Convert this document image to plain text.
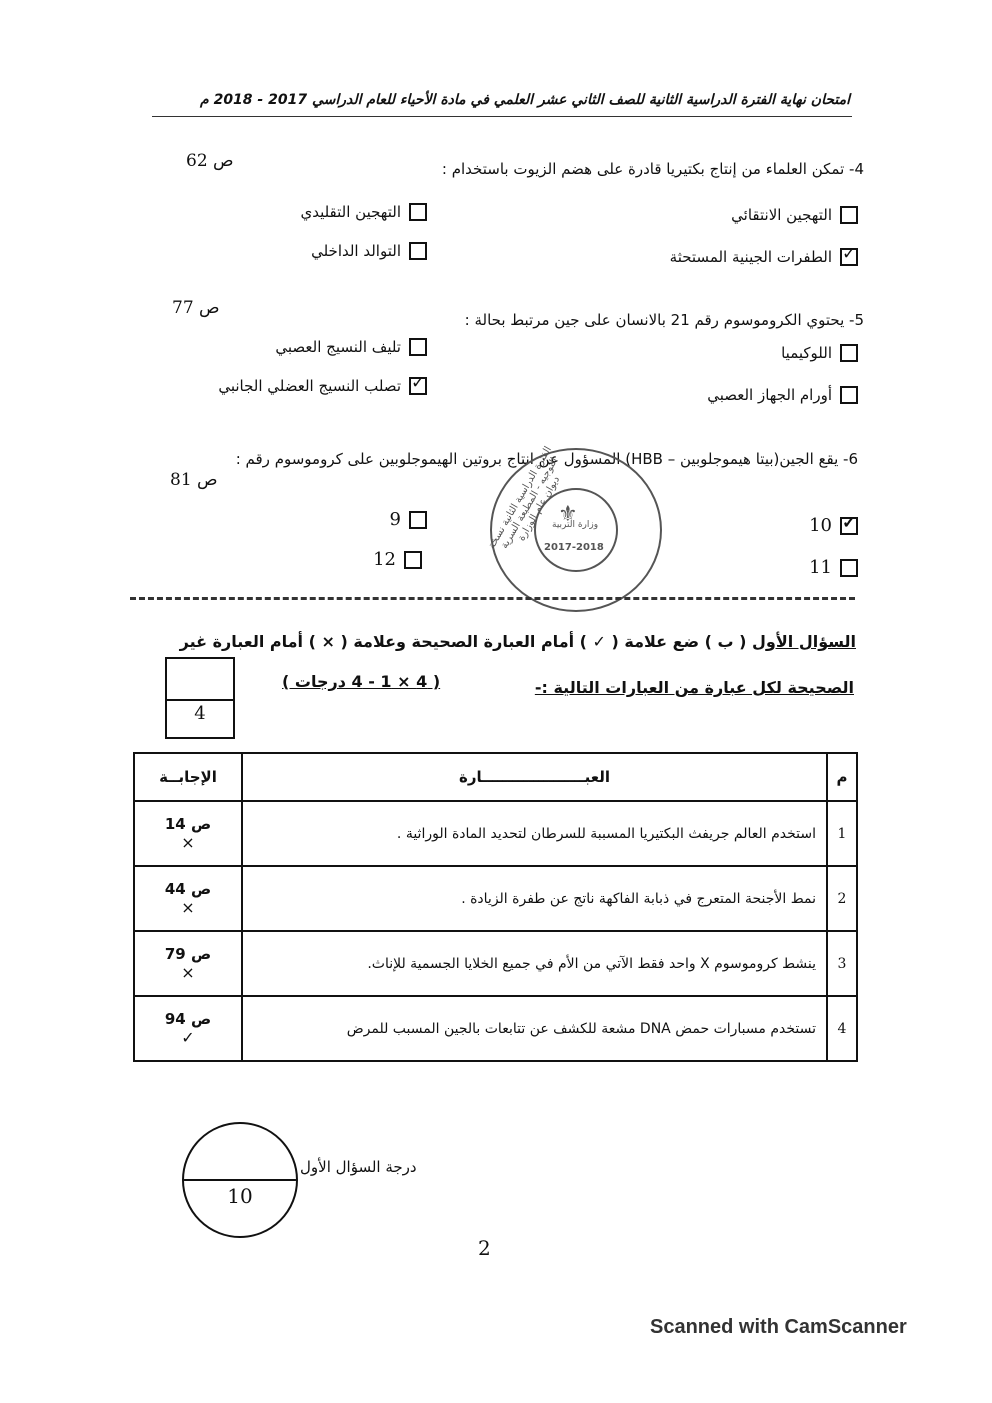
امتحان نهاية الفترة الدراسية الثانية للصف الثاني عشر العلمي في مادة الأحياء للعام الدراسي 2017 - 2018 م
4- تمكن العلماء من إنتاج بكتيريا قادرة على هضم الزيوت باستخدام :
ص 62
التهجين الانتقائي
التهجين التقليدي
✓
الطفرات الجينية المستحثة
التوالد الداخلي
5- يحتوي الكروموسوم رقم 21 بالانسان على جين مرتبط بحالة :
ص 77
اللوكيميا
تليف النسيج العصبي
أورام الجهاز العصبي
✓
تصلب النسيج العضلي الجانبي
6- يقع الجين(بيتا هيموجلوبين – HBB) المسؤول عن انتاج بروتين الهيموجلوبين على كروموسوم رقم :
ص 81
✓
10
9
11
12
الفترة الدراسية الثانية نسخة التوجيه - المطبعة السرية ديوان عام الوزارة
⚜
وزارة التربية
2017-2018
السؤال الأول ( ب ) ضع علامة ( ✓ ) أمام العبارة الصحيحة وعلامة ( × ) أمام العبارة غير
الصحيحة لكل عبارة من العبارات التالية :-
( 4 × 1 - 4 درجات )
4
م	العبــــــــــــــــــــارة	الإجابــة
1	استخدم العالم جريفث البكتيريا المسببة للسرطان لتحديد المادة الوراثية .	ص 14
×

2	نمط الأجنحة المتعرج في ذبابة الفاكهة ناتج عن طفرة الزيادة .	ص 44
×

3	ينشط كروموسوم X واحد فقط الآتي من الأم في جميع الخلايا الجسمية للإناث.	ص 79
×

4	تستخدم مسبارات حمض DNA مشعة للكشف عن تتابعات بالجين المسبب للمرض	ص 94
✓
10
درجة السؤال الأول
2
Scanned with CamScanner
